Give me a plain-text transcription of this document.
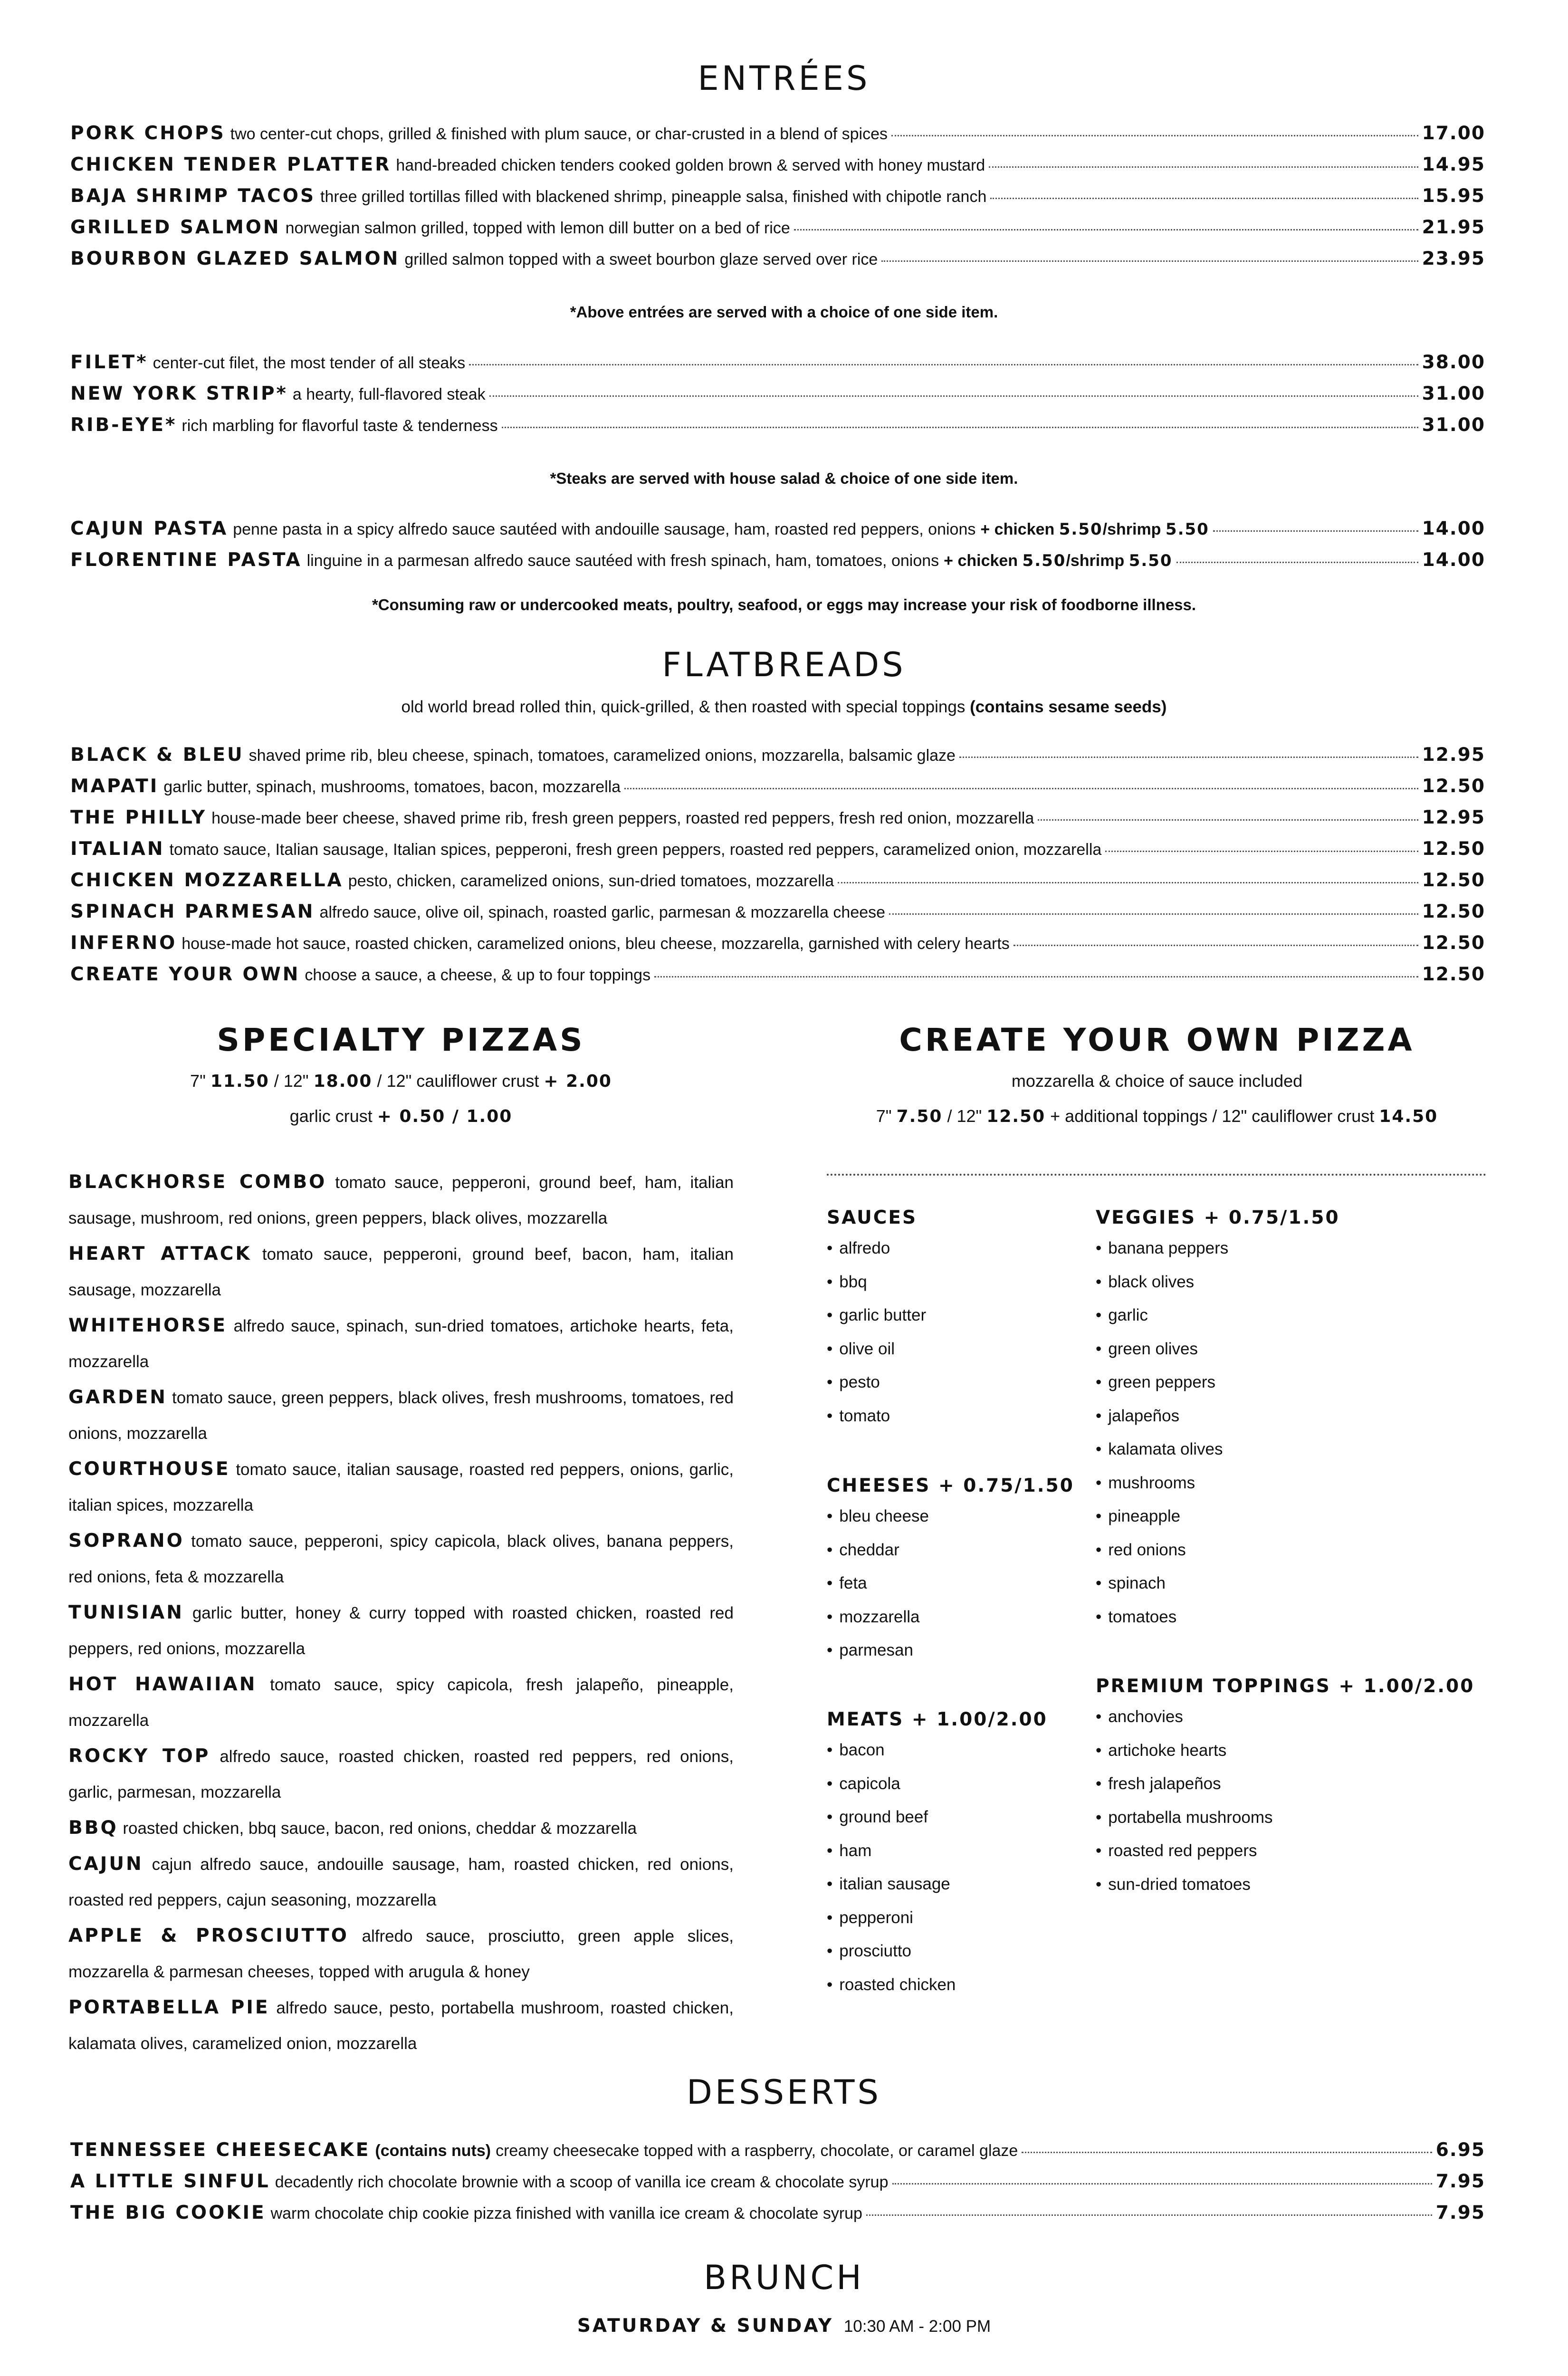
ENTRÉES
PORK CHOPS two center-cut chops, grilled & finished with plum sauce, or char-crusted in a blend of spices	17.00
CHICKEN TENDER PLATTER hand-breaded chicken tenders cooked golden brown & served with honey mustard	14.95
BAJA SHRIMP TACOS three grilled tortillas filled with blackened shrimp, pineapple salsa, finished with chipotle ranch	15.95
GRILLED SALMON norwegian salmon grilled, topped with lemon dill butter on a bed of rice	21.95
BOURBON GLAZED SALMON grilled salmon topped with a sweet bourbon glaze served over rice	23.95
*Above entrées are served with a choice of one side item.
FILET* center-cut filet, the most tender of all steaks	38.00
NEW YORK STRIP* a hearty, full-flavored steak	31.00
RIB-EYE* rich marbling for flavorful taste & tenderness	31.00
*Steaks are served with house salad & choice of one side item.
CAJUN PASTA penne pasta in a spicy alfredo sauce sautéed with andouille sausage, ham, roasted red peppers, onions + chicken 5.50/shrimp 5.50	14.00
FLORENTINE PASTA linguine in a parmesan alfredo sauce sautéed with fresh spinach, ham, tomatoes, onions + chicken 5.50/shrimp 5.50	14.00
*Consuming raw or undercooked meats, poultry, seafood, or eggs may increase your risk of foodborne illness.
FLATBREADS
old world bread rolled thin, quick-grilled, & then roasted with special toppings (contains sesame seeds)
BLACK & BLEU shaved prime rib, bleu cheese, spinach, tomatoes, caramelized onions, mozzarella, balsamic glaze	12.95
MAPATI garlic butter, spinach, mushrooms, tomatoes, bacon, mozzarella	12.50
THE PHILLY house-made beer cheese, shaved prime rib, fresh green peppers, roasted red peppers, fresh red onion, mozzarella	12.95
ITALIAN tomato sauce, Italian sausage, Italian spices, pepperoni, fresh green peppers, roasted red peppers, caramelized onion, mozzarella	12.50
CHICKEN MOZZARELLA pesto, chicken, caramelized onions, sun-dried tomatoes, mozzarella	12.50
SPINACH PARMESAN alfredo sauce, olive oil, spinach, roasted garlic, parmesan & mozzarella cheese	12.50
INFERNO house-made hot sauce, roasted chicken, caramelized onions, bleu cheese, mozzarella, garnished with celery hearts	12.50
CREATE YOUR OWN choose a sauce, a cheese, & up to four toppings	12.50
SPECIALTY PIZZAS
7" 11.50 / 12" 18.00 / 12" cauliflower crust + 2.00
garlic crust + 0.50 / 1.00

BLACKHORSE COMBO tomato sauce, pepperoni, ground beef, ham, italian sausage, mushroom, red onions, green peppers, black olives, mozzarella

HEART ATTACK tomato sauce, pepperoni, ground beef, bacon, ham, italian sausage, mozzarella

WHITEHORSE alfredo sauce, spinach, sun-dried tomatoes, artichoke hearts, feta, mozzarella

GARDEN tomato sauce, green peppers, black olives, fresh mushrooms, tomatoes, red onions, mozzarella

COURTHOUSE tomato sauce, italian sausage, roasted red peppers, onions, garlic, italian spices, mozzarella

SOPRANO tomato sauce, pepperoni, spicy capicola, black olives, banana peppers, red onions, feta & mozzarella

TUNISIAN garlic butter, honey & curry topped with roasted chicken, roasted red peppers, red onions, mozzarella

HOT HAWAIIAN tomato sauce, spicy capicola, fresh jalapeño, pineapple, mozzarella

ROCKY TOP alfredo sauce, roasted chicken, roasted red peppers, red onions, garlic, parmesan, mozzarella

BBQ roasted chicken, bbq sauce, bacon, red onions, cheddar & mozzarella

CAJUN cajun alfredo sauce, andouille sausage, ham, roasted chicken, red onions, roasted red peppers, cajun seasoning, mozzarella

APPLE & PROSCIUTTO alfredo sauce, prosciutto, green apple slices, mozzarella & parmesan cheeses, topped with arugula & honey

PORTABELLA PIE alfredo sauce, pesto, portabella mushroom, roasted chicken, kalamata olives, caramelized onion, mozzarella

CREATE YOUR OWN PIZZA
mozzarella & choice of sauce included
7" 7.50 / 12" 12.50 + additional toppings / 12" cauliflower crust 14.50
SAUCES
• alfredo
• bbq
• garlic butter
• olive oil
• pesto
• tomato
CHEESES + 0.75/1.50
• bleu cheese
• cheddar
• feta
• mozzarella
• parmesan
MEATS + 1.00/2.00
• bacon
• capicola
• ground beef
• ham
• italian sausage
• pepperoni
• prosciutto
• roasted chicken
VEGGIES + 0.75/1.50
• banana peppers
• black olives
• garlic
• green olives
• green peppers
• jalapeños
• kalamata olives
• mushrooms
• pineapple
• red onions
• spinach
• tomatoes
PREMIUM TOPPINGS + 1.00/2.00
• anchovies
• artichoke hearts
• fresh jalapeños
• portabella mushrooms
• roasted red peppers
• sun-dried tomatoes
DESSERTS
TENNESSEE CHEESECAKE (contains nuts) creamy cheesecake topped with a raspberry, chocolate, or caramel glaze	6.95
A LITTLE SINFUL decadently rich chocolate brownie with a scoop of vanilla ice cream & chocolate syrup	7.95
THE BIG COOKIE warm chocolate chip cookie pizza finished with vanilla ice cream & chocolate syrup	7.95
BRUNCH
SATURDAY & SUNDAY 10:30 AM - 2:00 PM
